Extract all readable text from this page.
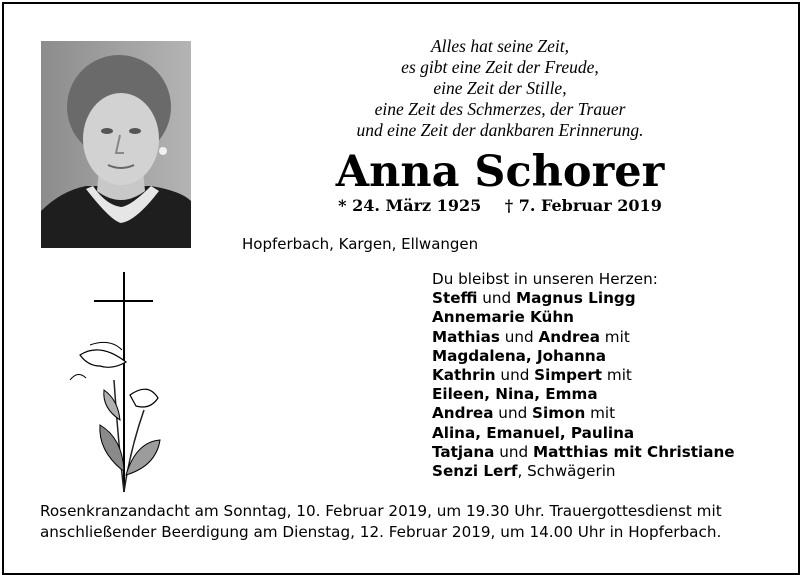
Alles hat seine Zeit,
es gibt eine Zeit der Freude,
eine Zeit der Stille,
eine Zeit des Schmerzes, der Trauer
und eine Zeit der dankbaren Erinnerung.
Anna Schorer
* 24. März 1925 † 7. Februar 2019
Hopferbach, Kargen, Ellwangen
Du bleibst in unseren Herzen:
Steffi und Magnus Lingg
Annemarie Kühn
Mathias und Andrea mit
Magdalena, Johanna
Kathrin und Simpert mit
Eileen, Nina, Emma
Andrea und Simon mit
Alina, Emanuel, Paulina
Tatjana und Matthias mit Christiane
Senzi Lerf, Schwägerin
Rosenkranzandacht am Sonntag, 10. Februar 2019, um 19.30 Uhr. Trauergottesdienst mit
anschließender Beerdigung am Dienstag, 12. Februar 2019, um 14.00 Uhr in Hopferbach.
